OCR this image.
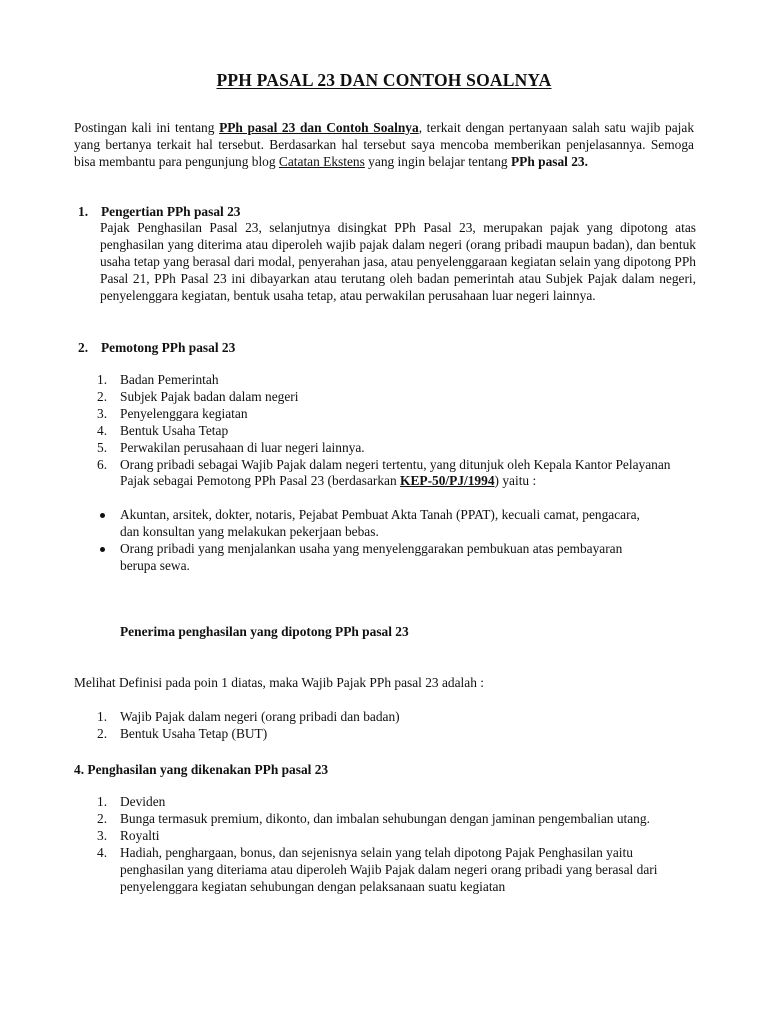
PPH PASAL 23 DAN CONTOH SOALNYA
Postingan kali ini tentang PPh pasal 23 dan Contoh Soalnya, terkait dengan pertanyaan salah satu wajib pajak yang bertanya terkait hal tersebut. Berdasarkan hal tersebut saya mencoba memberikan penjelasannya. Semoga bisa membantu para pengunjung blog Catatan Ekstens yang ingin belajar tentang PPh pasal 23.
1. Pengertian PPh pasal 23
Pajak Penghasilan Pasal 23, selanjutnya disingkat PPh Pasal 23, merupakan pajak yang dipotong atas penghasilan yang diterima atau diperoleh wajib pajak dalam negeri (orang pribadi maupun badan), dan bentuk usaha tetap yang berasal dari modal, penyerahan jasa, atau penyelenggaraan kegiatan selain yang dipotong PPh Pasal 21, PPh Pasal 23 ini dibayarkan atau terutang oleh badan pemerintah atau Subjek Pajak dalam negeri, penyelenggara kegiatan, bentuk usaha tetap, atau perwakilan perusahaan luar negeri lainnya.
2. Pemotong PPh pasal 23
1. Badan Pemerintah
2. Subjek Pajak badan dalam negeri
3. Penyelenggara kegiatan
4. Bentuk Usaha Tetap
5. Perwakilan perusahaan di luar negeri lainnya.
6. Orang pribadi sebagai Wajib Pajak dalam negeri tertentu, yang ditunjuk oleh Kepala Kantor Pelayanan Pajak sebagai Pemotong PPh Pasal 23 (berdasarkan KEP-50/PJ/1994) yaitu :
Akuntan, arsitek, dokter, notaris, Pejabat Pembuat Akta Tanah (PPAT), kecuali camat, pengacara, dan konsultan yang melakukan pekerjaan bebas.
Orang pribadi yang menjalankan usaha yang menyelenggarakan pembukuan atas pembayaran berupa sewa.
Penerima penghasilan yang dipotong PPh pasal 23
Melihat Definisi pada poin 1 diatas, maka Wajib Pajak PPh pasal 23 adalah :
1. Wajib Pajak dalam negeri (orang pribadi dan badan)
2. Bentuk Usaha Tetap (BUT)
4. Penghasilan yang dikenakan PPh pasal 23
1. Deviden
2. Bunga termasuk premium, dikonto, dan imbalan sehubungan dengan jaminan pengembalian utang.
3. Royalti
4. Hadiah, penghargaan, bonus, dan sejenisnya selain yang telah dipotong Pajak Penghasilan yaitu penghasilan yang diteriama atau diperoleh Wajib Pajak dalam negeri orang pribadi yang berasal dari penyelenggara kegiatan sehubungan dengan pelaksanaan suatu kegiatan
